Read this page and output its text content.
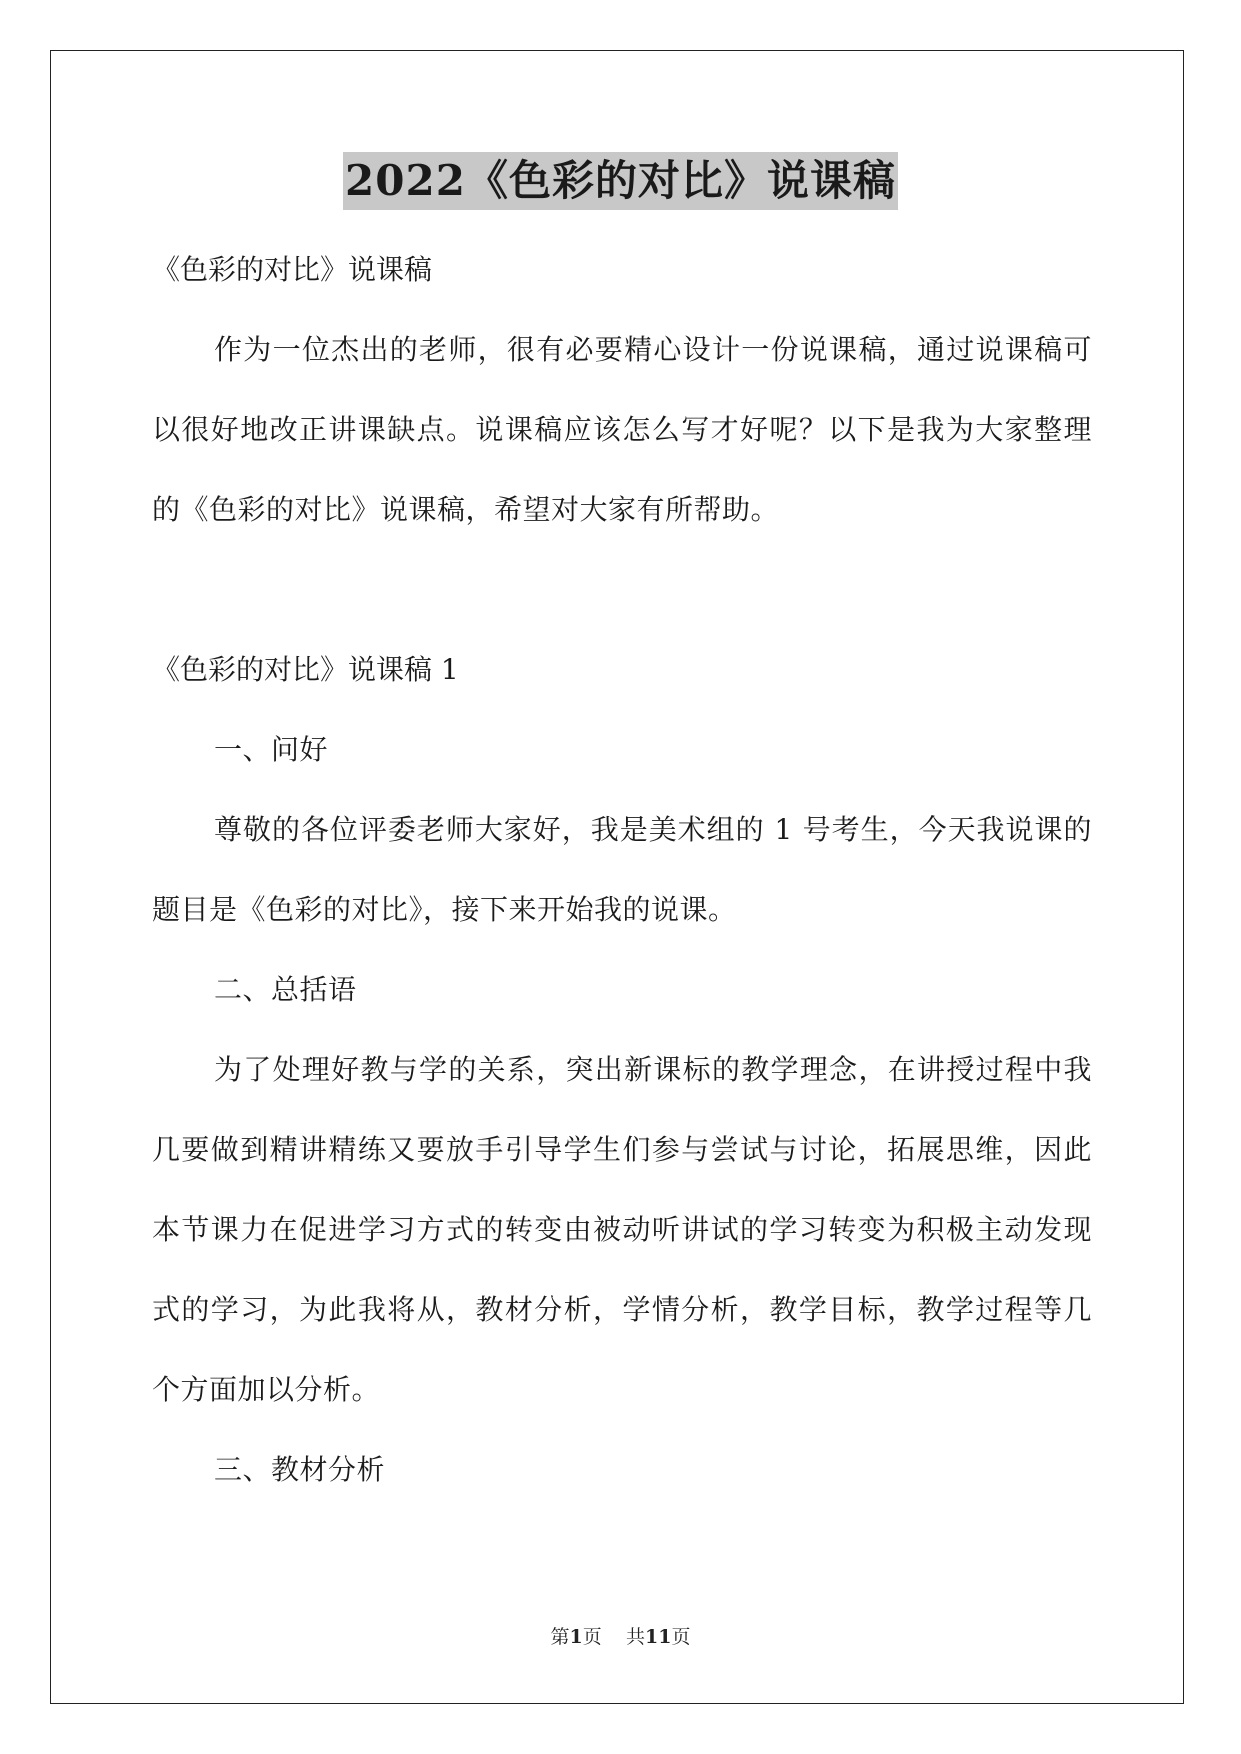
2022《色彩的对比》说课稿

《色彩的对比》说课稿

作为一位杰出的老师，很有必要精心设计一份说课稿，通过说课稿可以很好地改正讲课缺点。说课稿应该怎么写才好呢？以下是我为大家整理的《色彩的对比》说课稿，希望对大家有所帮助。

《色彩的对比》说课稿 1

一、问好

尊敬的各位评委老师大家好，我是美术组的 1 号考生，今天我说课的题目是《色彩的对比》，接下来开始我的说课。

二、总括语

为了处理好教与学的关系，突出新课标的教学理念，在讲授过程中我几要做到精讲精练又要放手引导学生们参与尝试与讨论，拓展思维，因此本节课力在促进学习方式的转变由被动听讲试的学习转变为积极主动发现式的学习，为此我将从，教材分析，学情分析，教学目标，教学过程等几个方面加以分析。

三、教材分析

第1页 共11页
